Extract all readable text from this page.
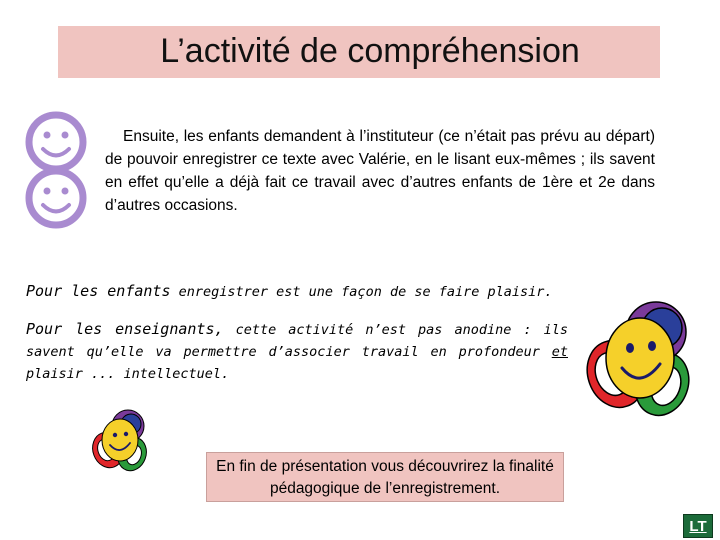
L’activité de compréhension

Ensuite, les enfants demandent à l’instituteur (ce n’était pas prévu au départ) de pouvoir enregistrer ce texte avec Valérie, en le lisant eux-mêmes ; ils savent en effet qu’elle a déjà fait ce travail avec d’autres enfants de 1ère et 2e dans d’autres occasions.

Pour les enfants enregistrer est une façon de se faire plaisir.
Pour les enseignants, cette activité n’est pas anodine : ils savent qu’elle va permettre d’associer travail en profondeur et plaisir ... intellectuel.
En fin de présentation vous découvrirez la finalité pédagogique de l’enregistrement.
LT
